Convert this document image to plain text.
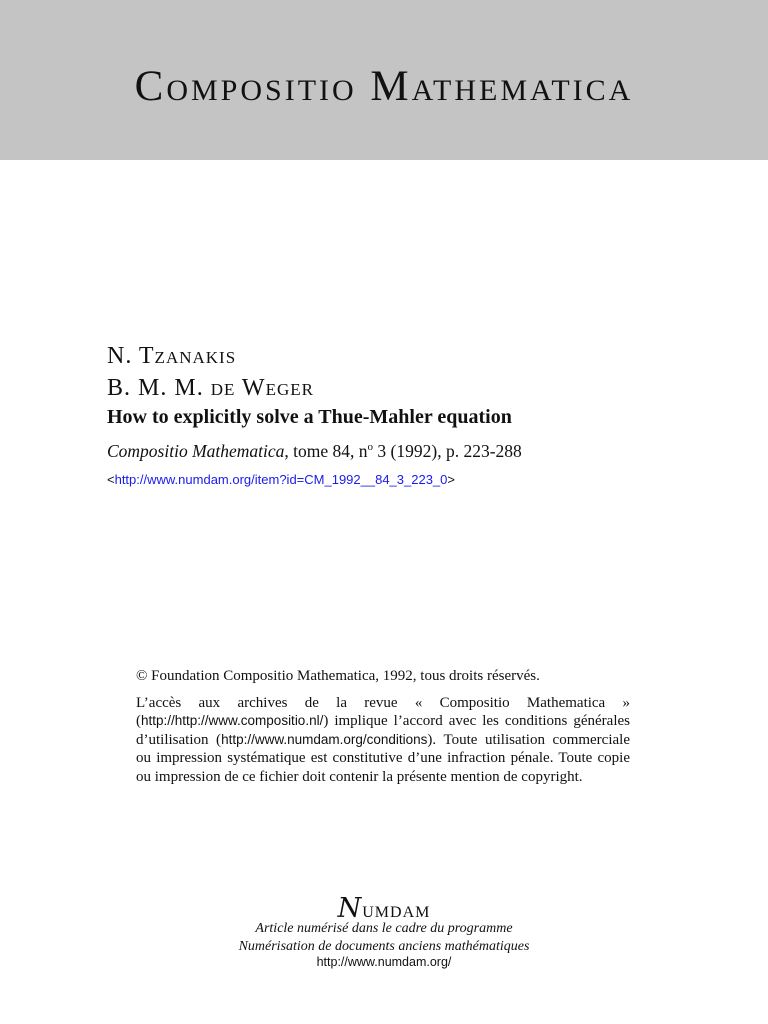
Compositio Mathematica
N. Tzanakis
B. M. M. de Weger
How to explicitly solve a Thue-Mahler equation
Compositio Mathematica, tome 84, $n^o$ 3 (1992), p. 223-288
<http://www.numdam.org/item?id=CM_1992__84_3_223_0>

© Foundation Compositio Mathematica, 1992, tous droits réservés.

L’accès aux archives de la revue « Compositio Mathematica » (http://http://www.compositio.nl/) implique l’accord avec les conditions générales d’utilisation (http://www.numdam.org/conditions). Toute utilisation commerciale ou impression systématique est constitutive d’une infraction pénale. Toute copie ou impression de ce fichier doit contenir la présente mention de copyright.

Numdam
Article numérisé dans le cadre du programme
Numérisation de documents anciens mathématiques
http://www.numdam.org/
